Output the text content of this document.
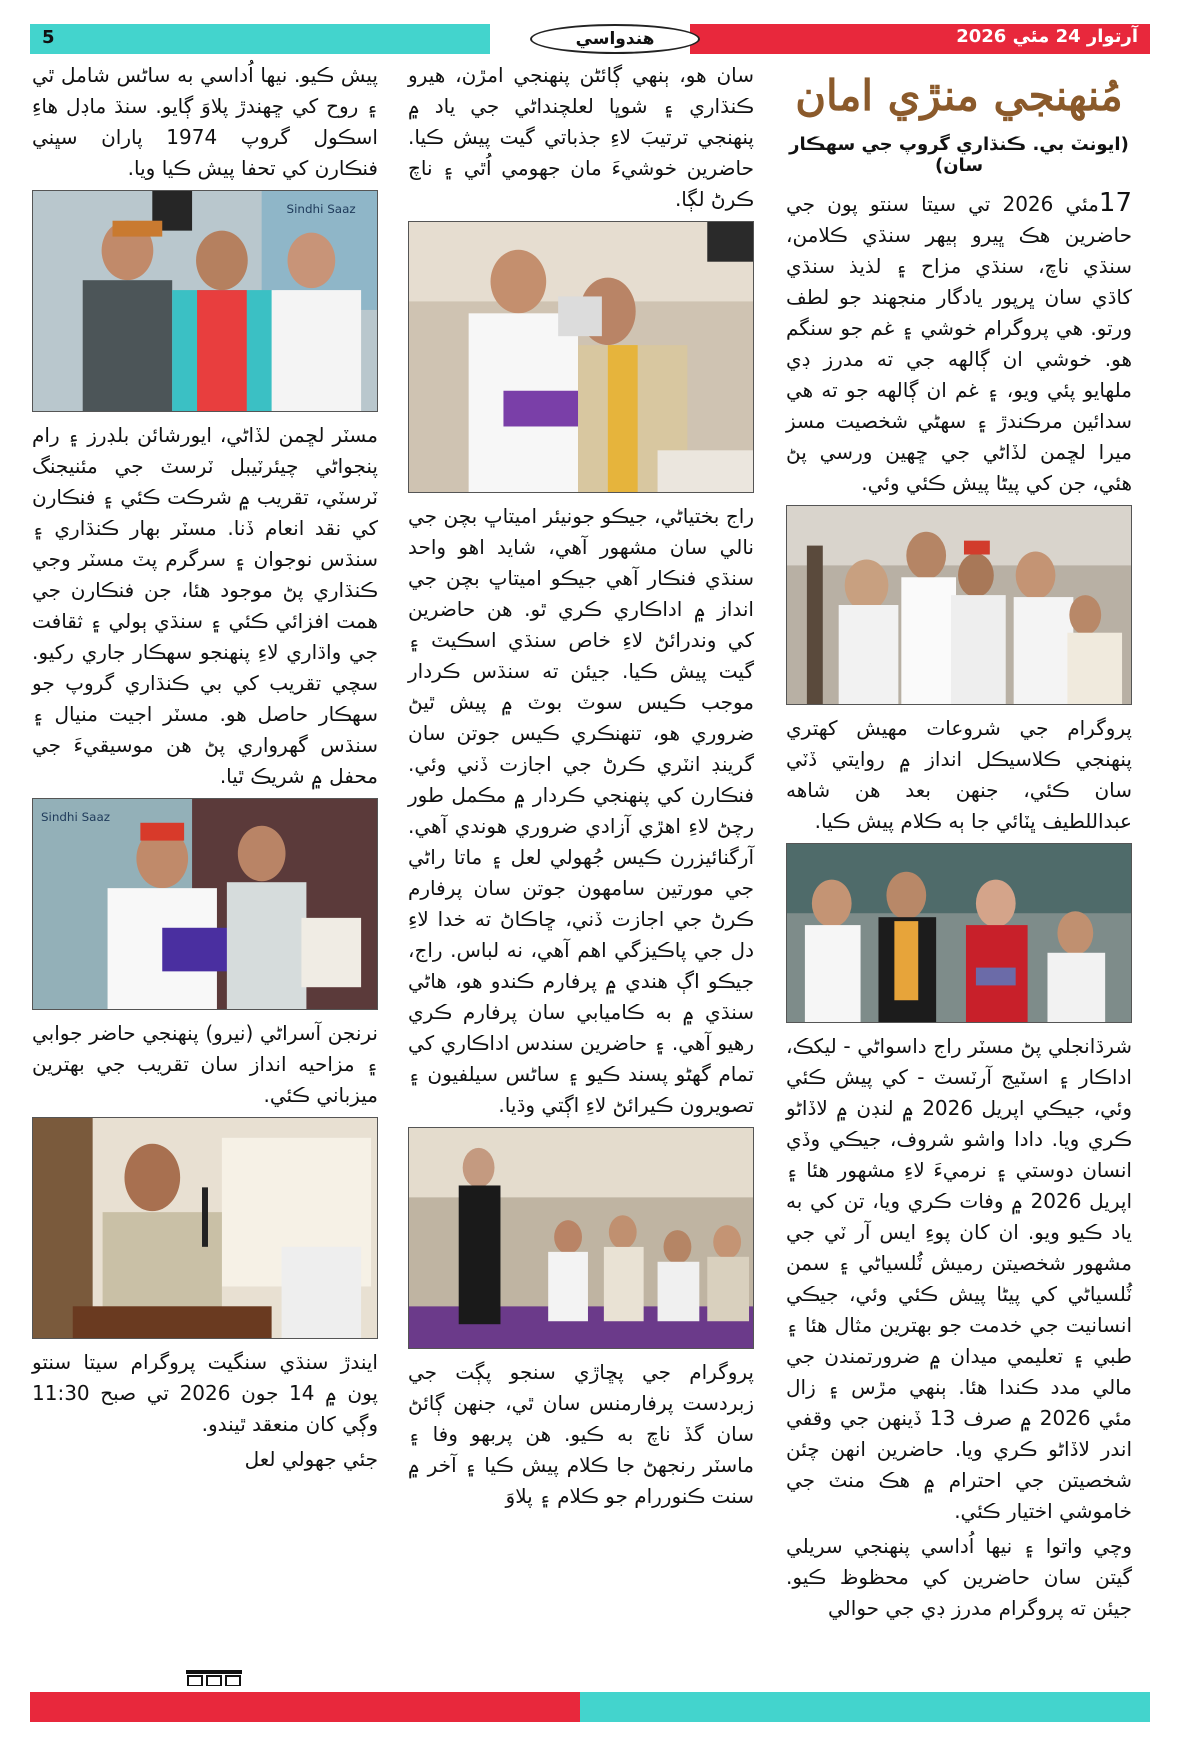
5	هندواسي	آرتوار 24 مئي 2026
مُنهنجي منڙي امان
(ايونٽ بي. ڪنڌاري گروپ جي سهڪار سان)

17مئي 2026 تي سيتا سنتو پون جي حاضرين هڪ ڀيرو ٻيهر سنڌي ڪلامن، سنڌي ناچ، سنڌي مزاح ۽ لذيذ سنڌي کاڌي سان ڀرپور يادگار منجهند جو لطف ورتو. هي پروگرام خوشي ۽ غم جو سنگم هو. خوشي ان ڳالهه جي ته مدرز ڊي ملهايو پئي ويو، ۽ غم ان ڳالهه جو ته هي سدائين مرڪندڙ ۽ سهڻي شخصيت مسز ميرا لڇمن لڏاڻي جي ڇهين ورسي پڻ هئي، جن کي پيڻا پيش ڪئي وئي.

پروگرام جي شروعات مهيش کهتري پنهنجي ڪلاسيڪل انداز ۾ روايتي ڏٽي سان ڪئي، جنهن بعد هن شاهه عبداللطيف ڀٽائي جا ٻه ڪلام پيش ڪيا.

شرڌانجلي پڻ مسٽر راج داسواڻي - ليکڪ، اداڪار ۽ اسٽيج آرٽسٽ - کي پيش ڪئي وئي، جيڪي اپريل 2026 ۾ لنڊن ۾ لاڏاڻو ڪري ويا. دادا واشو شروف، جيڪي وڏي انسان دوستي ۽ نرميءَ لاءِ مشهور هئا ۽ اپريل 2026 ۾ وفات ڪري ويا، تن کي به ياد ڪيو ويو. ان کان پوءِ ايس آر ٽي جي مشهور شخصيتن رميش ٽُلسياڻي ۽ سمن ٽُلسياڻي کي پيڻا پيش ڪئي وئي، جيڪي انسانيت جي خدمت جو بهترين مثال هئا ۽ طبي ۽ تعليمي ميدان ۾ ضرورتمندن جي مالي مدد ڪندا هئا. ٻنهي مڙس ۽ زال مئي 2026 ۾ صرف 13 ڏينهن جي وقفي اندر لاڏاڻو ڪري ويا. حاضرين انهن چئن شخصيتن جي احترام ۾ هڪ منٽ جي خاموشي اختيار ڪئي.

وچي واتوا ۽ نيها اُداسي پنهنجي سريلي گيتن سان حاضرين کي محظوظ ڪيو. جيئن ته پروگرام مدرز ڊي جي حوالي

سان هو، ٻنهي ڳائڻن پنهنجي امڙن، هيرو ڪنڌاري ۽ شوڀا لعلچنداڻي جي ياد ۾ پنهنجي ترتيبَ لاءِ جذباتي گيت پيش ڪيا. حاضرين خوشيءَ مان جهومي اُٿي ۽ ناچ ڪرڻ لڳا.

راج بختياڻي، جيڪو جونيئر اميتاڀ بچن جي نالي سان مشهور آهي، شايد اهو واحد سنڌي فنڪار آهي جيڪو اميتاڀ بچن جي انداز ۾ اداڪاري ڪري ٿو. هن حاضرين کي وندرائڻ لاءِ خاص سنڌي اسڪيٽ ۽ گيت پيش ڪيا. جيئن ته سنڌس ڪردار موجب ڪيس سوٽ بوٽ ۾ پيش ٿيڻ ضروري هو، تنهنڪري ڪيس جوتن سان گرينڊ انٽري ڪرڻ جي اجازت ڏني وئي. فنڪارن کي پنهنجي ڪردار ۾ مڪمل طور رچڻ لاءِ اهڙي آزادي ضروري هوندي آهي. آرگنائيزرن ڪيس جُهولي لعل ۽ ماتا راڻي جي مورتين سامهون جوتن سان پرفارم ڪرڻ جي اجازت ڏني، ڇاڪاڻ ته خدا لاءِ دل جي پاڪيزگي اهم آهي، نه لباس. راج، جيڪو اڳ هندي ۾ پرفارم ڪندو هو، هاڻي سنڌي ۾ به ڪاميابي سان پرفارم ڪري رهيو آهي. ۽ حاضرين سندس اداڪاري کي تمام گهڻو پسند ڪيو ۽ ساڻس سيلفيون ۽ تصويرون ڪيرائڻ لاءِ اڳتي وڌيا.

پروگرام جي پڇاڙي سنجو پڳت جي زبردست پرفارمنس سان ٿي، جنهن ڳائڻ سان گڏ ناچ به ڪيو. هن پربهو وفا ۽ ماسٽر رنجهڻ جا ڪلام پيش ڪيا ۽ آخر ۾ سنت ڪنوررام جو ڪلام ۽ پلاوَ

پيش ڪيو. نيها اُداسي به ساڻس شامل ٿي ۽ روح کي ڇهندڙ پلاوَ ڳايو. سنڌ ماڊل هاءِ اسڪول گروپ 1974 پاران سڀني فنڪارن کي تحفا پيش ڪيا ويا.

Sindhi Saaz

مسٽر لڇمن لڏاڻي، ايورشائن بلڊرز ۽ رام پنجواڻي چيئرٽيبل ٽرسٽ جي مئنيجنگ ٽرسٽي، تقريب ۾ شرڪت ڪئي ۽ فنڪارن کي نقد انعام ڏنا. مسٽر بهار ڪنڌاري ۽ سنڌس نوجوان ۽ سرگرم پٽ مسٽر وجي ڪنڌاري پڻ موجود هئا، جن فنڪارن جي همت افزائي ڪئي ۽ سنڌي ٻولي ۽ ثقافت جي واڌاري لاءِ پنهنجو سهڪار جاري رکيو. سچي تقريب کي بي ڪنڌاري گروپ جو سهڪار حاصل هو. مسٽر اجيت منيال ۽ سنڌس گهرواري پڻ هن موسيقيءَ جي محفل ۾ شريڪ ٿيا.

Sindhi Saaz

نرنجن آسراڻي (نيرو) پنهنجي حاضر جوابي ۽ مزاحيه انداز سان تقريب جي بهترين ميزباني ڪئي.

ايندڙ سنڌي سنگيت پروگرام سيتا سنتو پون ۾ 14 جون 2026 تي صبح 11:30 وڳي کان منعقد ٿيندو.

جئي جهولي لعل
